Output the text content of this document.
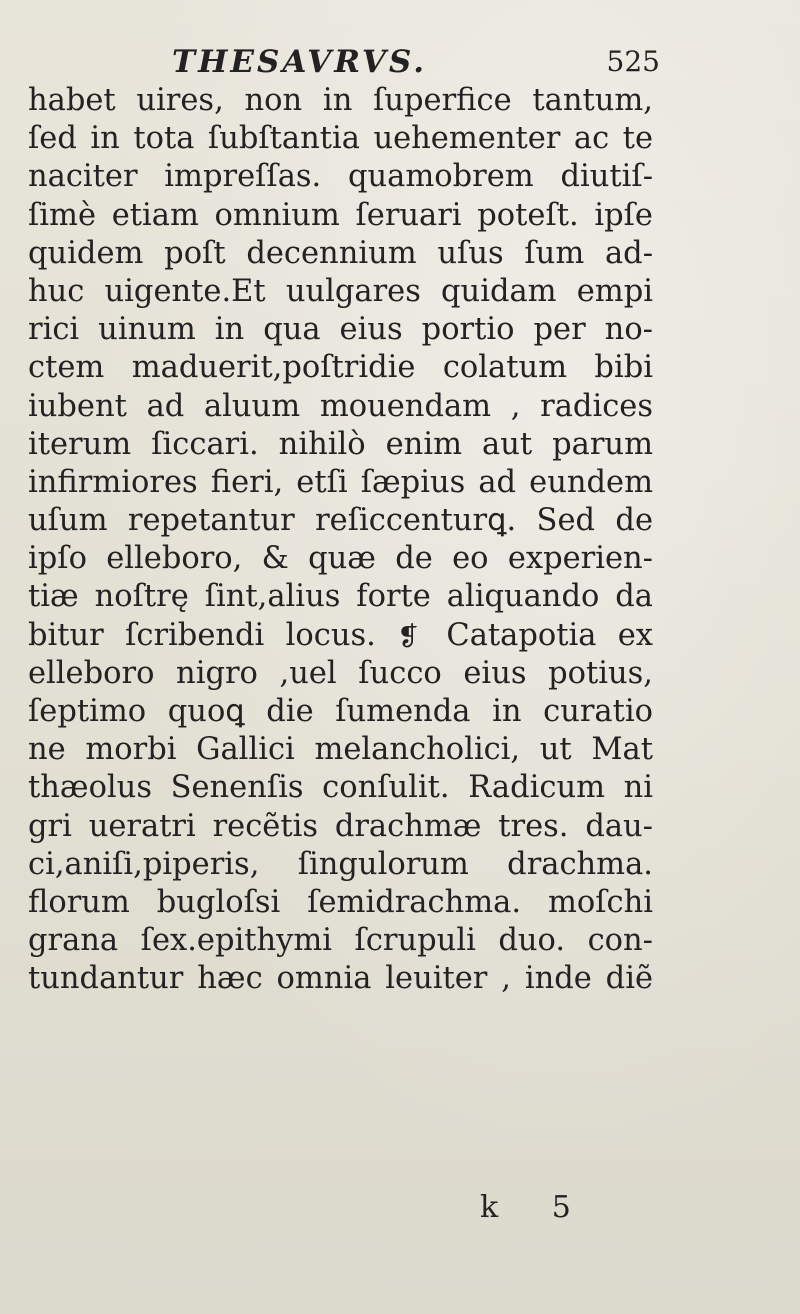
THESAVRVS.	525
habet uires, non in ſuperfice tantum,
ſed in tota ſubſtantia uehementer ac te
naciter impreſſas. quamobrem diutiſ-
ſimè etiam omnium ſeruari poteſt. ipſe
quidem poſt decennium uſus ſum ad-
huc uigente.Et uulgares quidam empi
rici uinum in qua eius portio per no-
ctem maduerit,poſtridie colatum bibi
iubent ad aluum mouendam , radices
iterum ſiccari. nihilò enim aut parum
infirmiores fieri, etſi ſæpius ad eundem
uſum repetantur reſiccenturꝗ. Sed de
ipſo elleboro, & quæ de eo experien-
tiæ noſtrę ſint,alius forte aliquando da
bitur ſcribendi locus. ❡ Catapotia ex
elleboro nigro ,uel ſucco eius potius,
ſeptimo quoꝗ die ſumenda in curatio
ne morbi Gallici melancholici, ut Mat
thæolus Senenſis conſulit. Radicum ni
gri ueratri recẽtis drachmæ tres. dau-
ci,aniſi,piperis, ſingulorum drachma.
florum bugloſsi ſemidrachma. moſchi
grana ſex.epithymi ſcrupuli duo. con-
tundantur hæc omnia leuiter , inde diẽ
k 5
